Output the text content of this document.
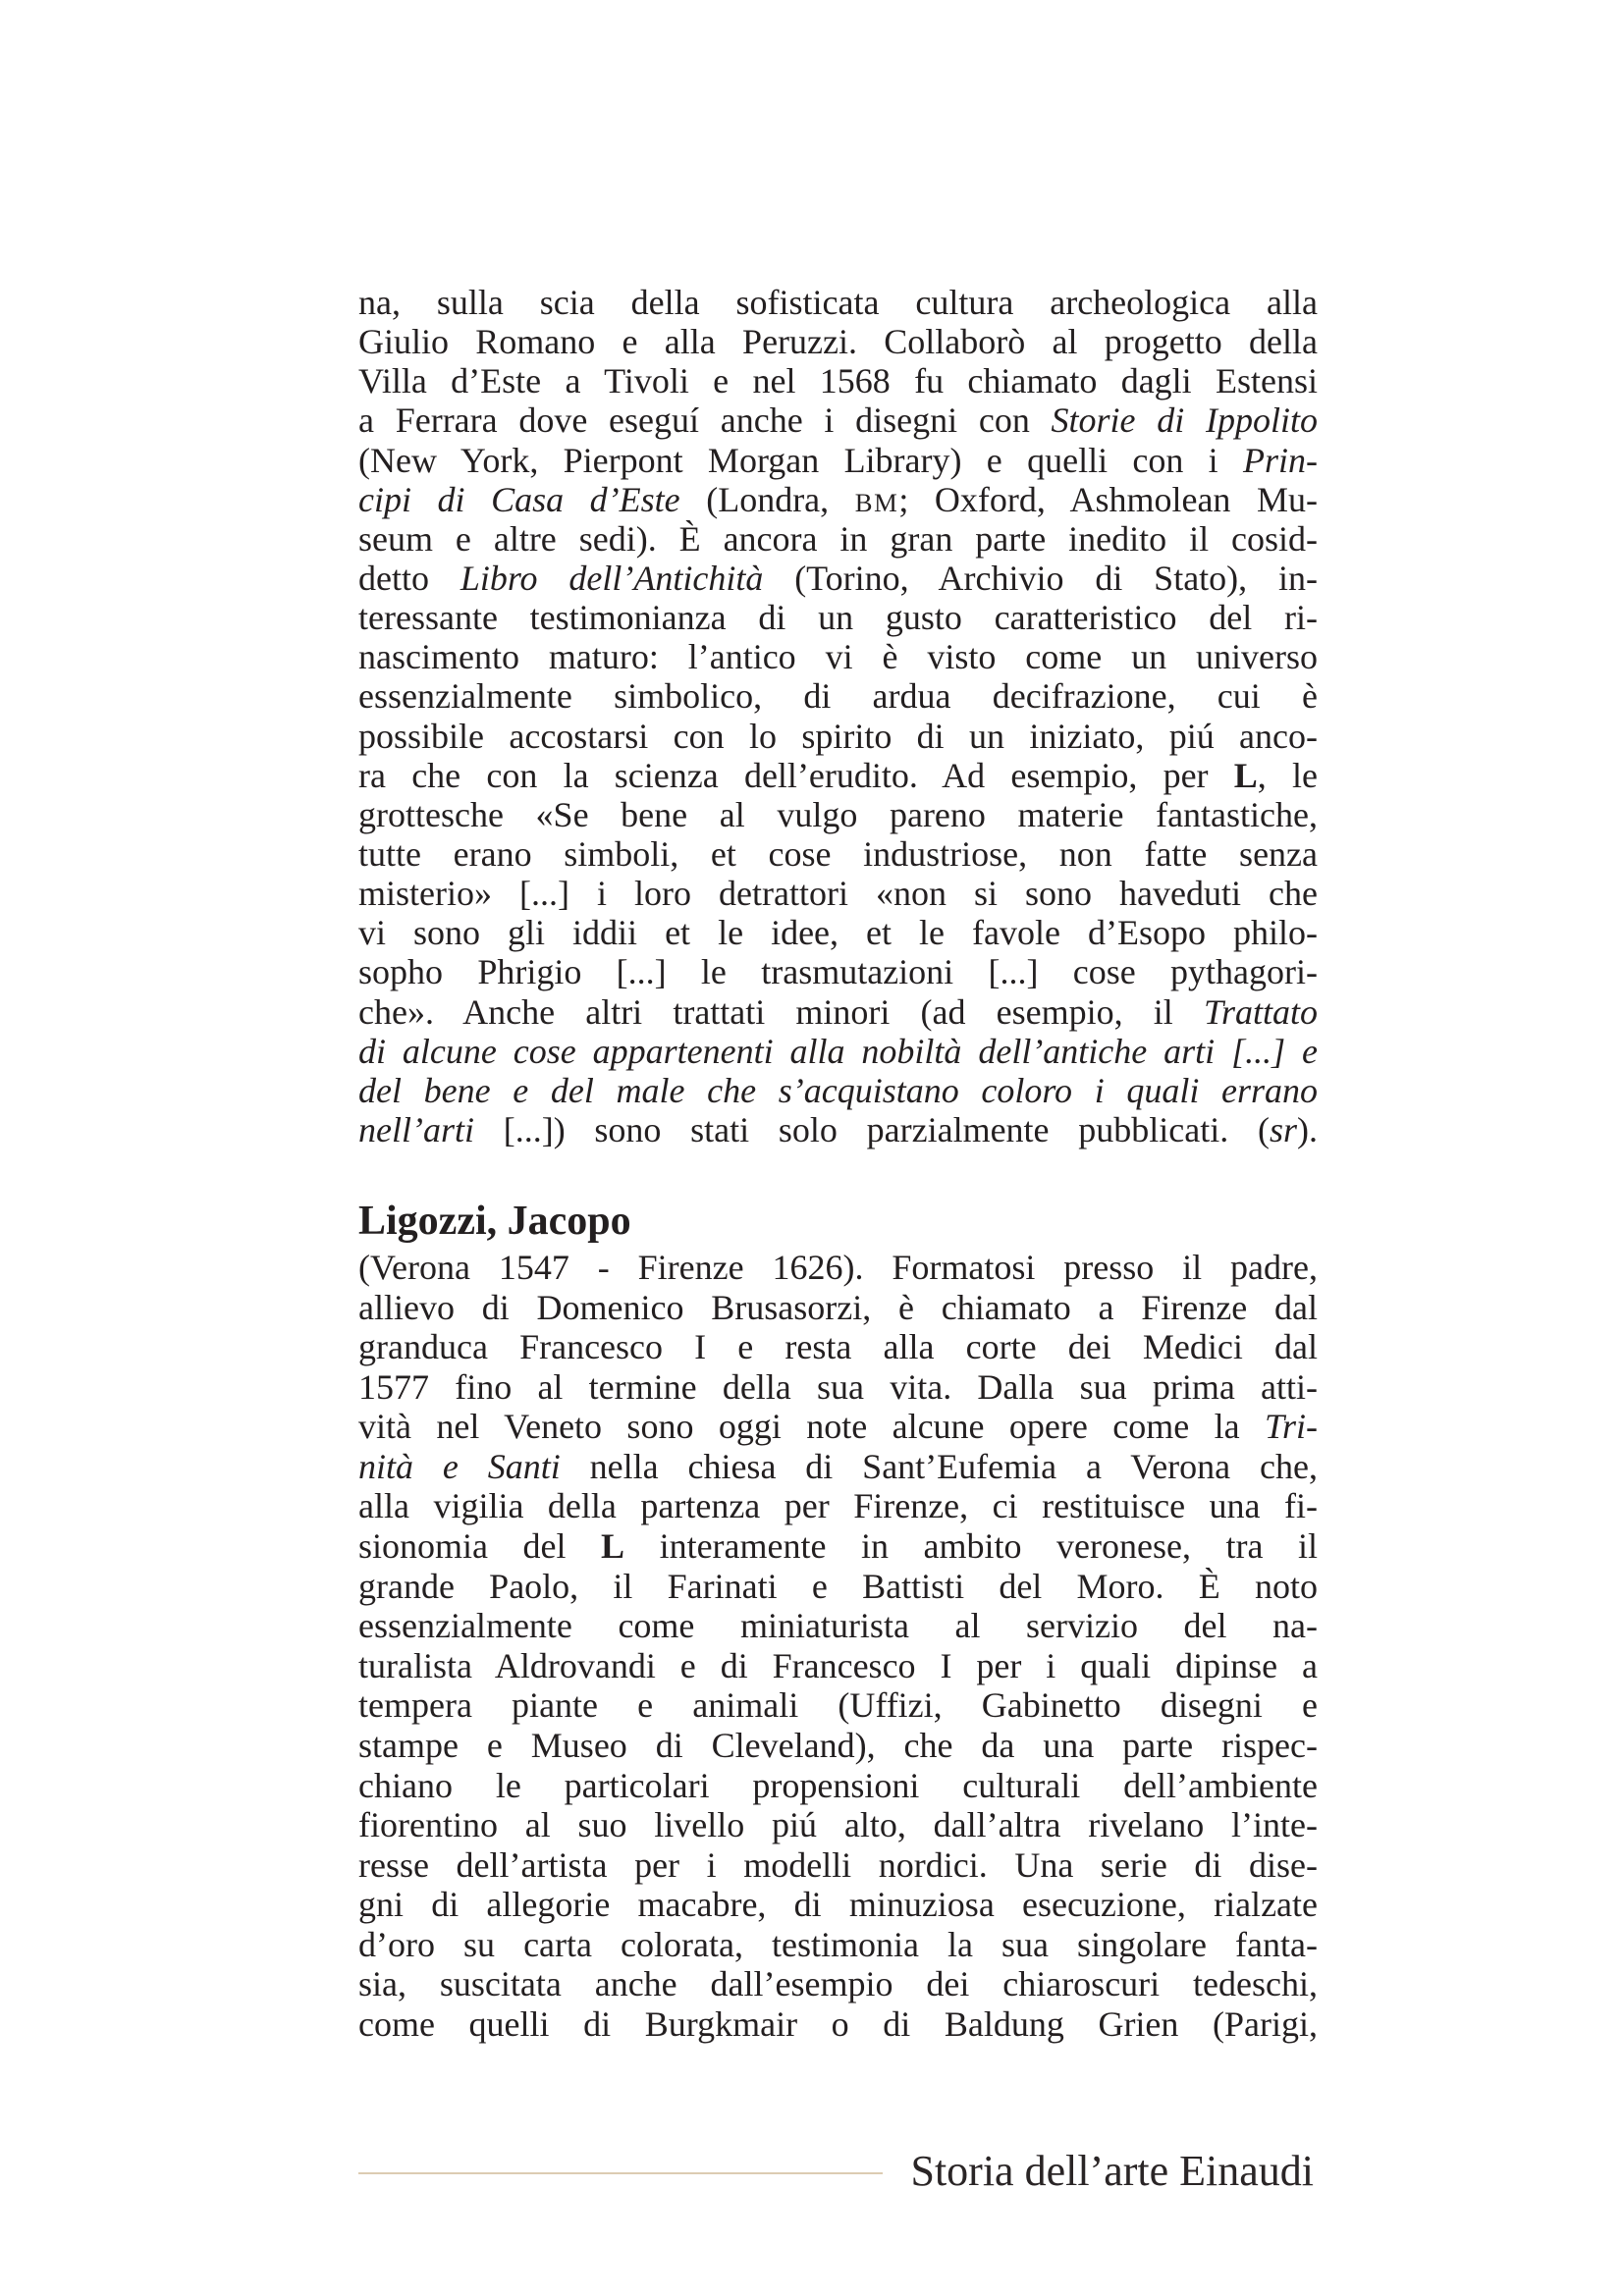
na, sulla scia della sofisticata cultura archeologica alla
Giulio Romano e alla Peruzzi. Collaborò al progetto della
Villa d’Este a Tivoli e nel 1568 fu chiamato dagli Estensi
a Ferrara dove eseguí anche i disegni con Storie di Ippolito
(New York, Pierpont Morgan Library) e quelli con i Prin-
cipi di Casa d’Este (Londra, BM; Oxford, Ashmolean Mu-
seum e altre sedi). È ancora in gran parte inedito il cosid-
detto Libro dell’Antichità (Torino, Archivio di Stato), in-
teressante testimonianza di un gusto caratteristico del ri-
nascimento maturo: l’antico vi è visto come un universo
essenzialmente simbolico, di ardua decifrazione, cui è
possibile accostarsi con lo spirito di un iniziato, piú anco-
ra che con la scienza dell’erudito. Ad esempio, per L, le
grottesche «Se bene al vulgo pareno materie fantastiche,
tutte erano simboli, et cose industriose, non fatte senza
misterio» [...] i loro detrattori «non si sono haveduti che
vi sono gli iddii et le idee, et le favole d’Esopo philo-
sopho Phrigio [...] le trasmutazioni [...] cose pythagori-
che». Anche altri trattati minori (ad esempio, il Trattato
di alcune cose appartenenti alla nobiltà dell’antiche arti [...] e
del bene e del male che s’acquistano coloro i quali errano
nell’arti [...]) sono stati solo parzialmente pubblicati. (sr).
Ligozzi, Jacopo
(Verona 1547 - Firenze 1626). Formatosi presso il padre,
allievo di Domenico Brusasorzi, è chiamato a Firenze dal
granduca Francesco I e resta alla corte dei Medici dal
1577 fino al termine della sua vita. Dalla sua prima atti-
vità nel Veneto sono oggi note alcune opere come la Tri-
nità e Santi nella chiesa di Sant’Eufemia a Verona che,
alla vigilia della partenza per Firenze, ci restituisce una fi-
sionomia del L interamente in ambito veronese, tra il
grande Paolo, il Farinati e Battisti del Moro. È noto
essenzialmente come miniaturista al servizio del na-
turalista Aldrovandi e di Francesco I per i quali dipinse a
tempera piante e animali (Uffizi, Gabinetto disegni e
stampe e Museo di Cleveland), che da una parte rispec-
chiano le particolari propensioni culturali dell’ambiente
fiorentino al suo livello piú alto, dall’altra rivelano l’inte-
resse dell’artista per i modelli nordici. Una serie di dise-
gni di allegorie macabre, di minuziosa esecuzione, rialzate
d’oro su carta colorata, testimonia la sua singolare fanta-
sia, suscitata anche dall’esempio dei chiaroscuri tedeschi,
come quelli di Burgkmair o di Baldung Grien (Parigi,
Storia dell’arte Einaudi
